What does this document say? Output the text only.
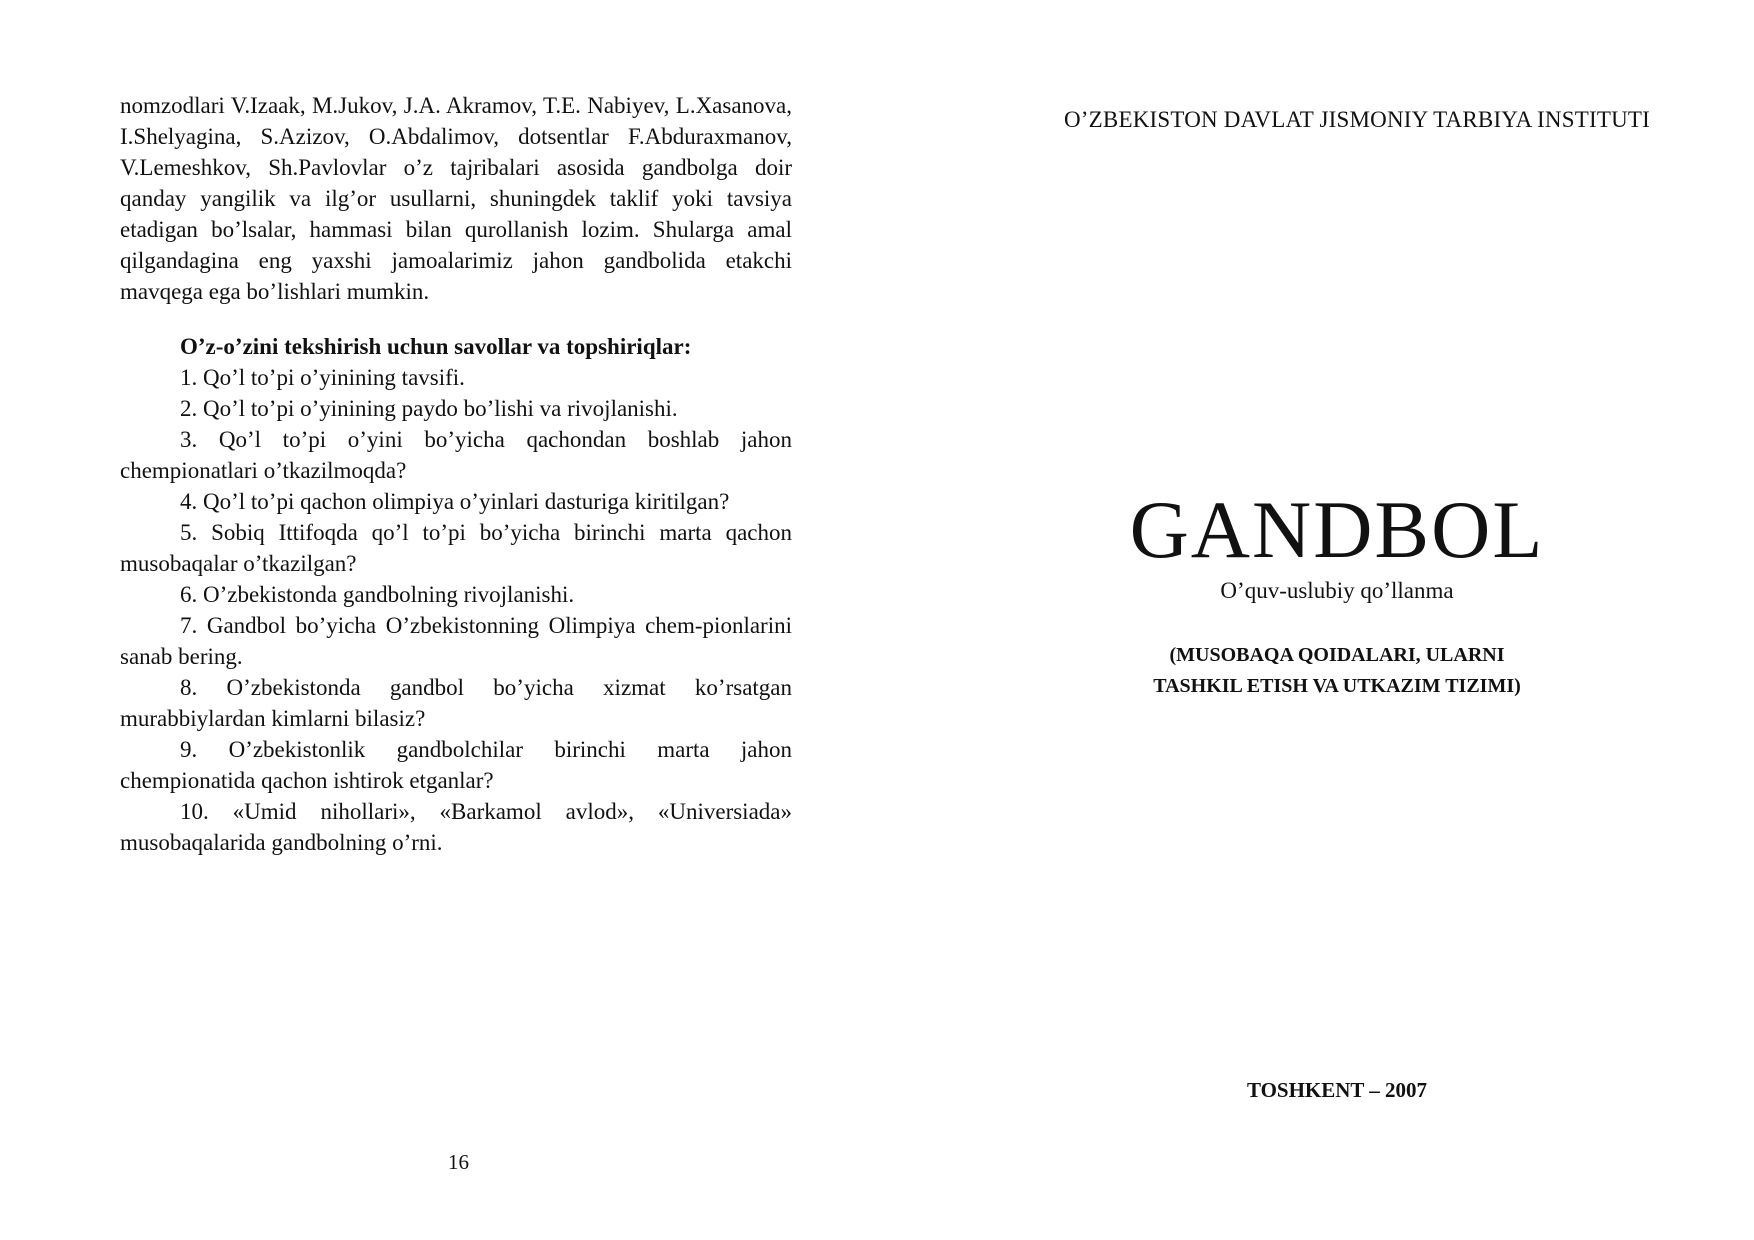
nomzodlari V.Izaak, M.Jukov, J.A. Akramov, T.E. Nabiyev, L.Xasanova, I.Shelyagina, S.Azizov, O.Abdalimov, dotsentlar F.Abduraxmanov, V.Lemeshkov, Sh.Pavlovlar o’z tajribalari asosida gandbolga doir qanday yangilik va ilg’or usullarni, shuningdek taklif yoki tavsiya etadigan bo’lsalar, hammasi bilan qurollanish lozim. Shularga amal qilgandagina eng yaxshi jamoalarimiz jahon gandbolida etakchi mavqega ega bo’lishlari mumkin.

O’z-o’zini tekshirish uchun savollar va topshiriqlar:

1. Qo’l to’pi o’yinining tavsifi.

2. Qo’l to’pi o’yinining paydo bo’lishi va rivojlanishi.

3. Qo’l to’pi o’yini bo’yicha qachondan boshlab jahon chempionatlari o’tkazilmoqda?

4. Qo’l to’pi qachon olimpiya o’yinlari dasturiga kiritilgan?

5. Sobiq Ittifoqda qo’l to’pi bo’yicha birinchi marta qachon musobaqalar o’tkazilgan?

6. O’zbekistonda gandbolning rivojlanishi.

7. Gandbol bo’yicha O’zbekistonning Olimpiya chem-pionlarini sanab bering.

8. O’zbekistonda gandbol bo’yicha xizmat ko’rsatgan murabbiylardan kimlarni bilasiz?

9. O’zbekistonlik gandbolchilar birinchi marta jahon chempionatida qachon ishtirok etganlar?

10. «Umid nihollari», «Barkamol avlod», «Universiada» musobaqalarida gandbolning o’rni.

16
O’ZBEKISTON DAVLAT JISMONIY TARBIYA INSTITUTI
GANDBOL
O’quv-uslubiy qo’llanma
(MUSOBAQA QOIDALARI, ULARNI
TASHKIL ETISH VA UTKAZIM TIZIMI)
TOSHKENT – 2007
